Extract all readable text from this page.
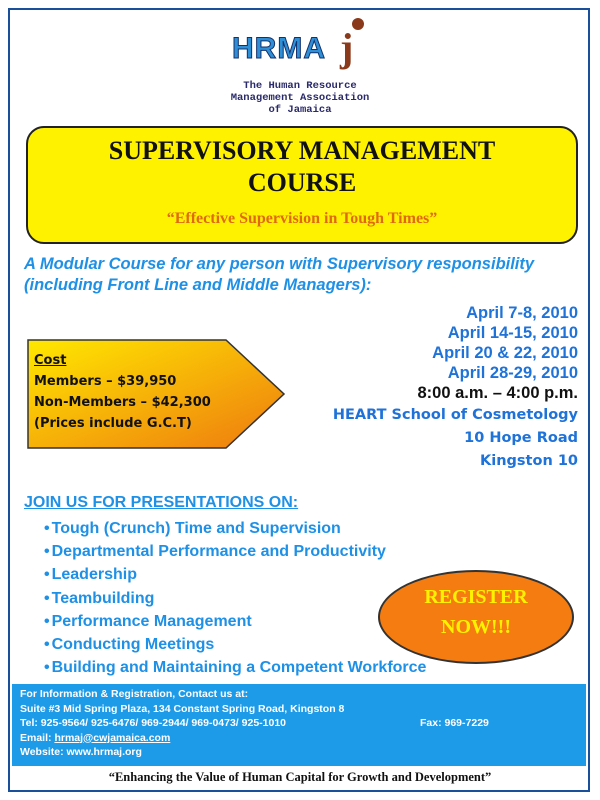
HRMA j
The Human Resource
Management Association
of Jamaica
SUPERVISORY MANAGEMENT
COURSE
“Effective Supervision in Tough Times”
A Modular Course for any person with Supervisory responsibility
(including Front Line and Middle Managers):
Cost
Members – $39,950
Non-Members – $42,300
(Prices include G.C.T)
April 7-8, 2010
April 14-15, 2010
April 20 & 22, 2010
April 28-29, 2010
8:00 a.m. – 4:00 p.m.
HEART School of Cosmetology
10 Hope Road
Kingston 10
JOIN US FOR PRESENTATIONS ON:
• Tough (Crunch) Time and Supervision
• Departmental Performance and Productivity
• Leadership
• Teambuilding
• Performance Management
• Conducting Meetings
• Building and Maintaining a Competent Workforce
REGISTER
NOW!!!
For Information & Registration, Contact us at:
Suite #3 Mid Spring Plaza, 134 Constant Spring Road, Kingston 8
Tel: 925-9564/ 925-6476/ 969-2944/ 969-0473/ 925-1010	Fax: 969-7229
Email: hrmaj@cwjamaica.com
Website: www.hrmaj.org
“Enhancing the Value of Human Capital for Growth and Development”
